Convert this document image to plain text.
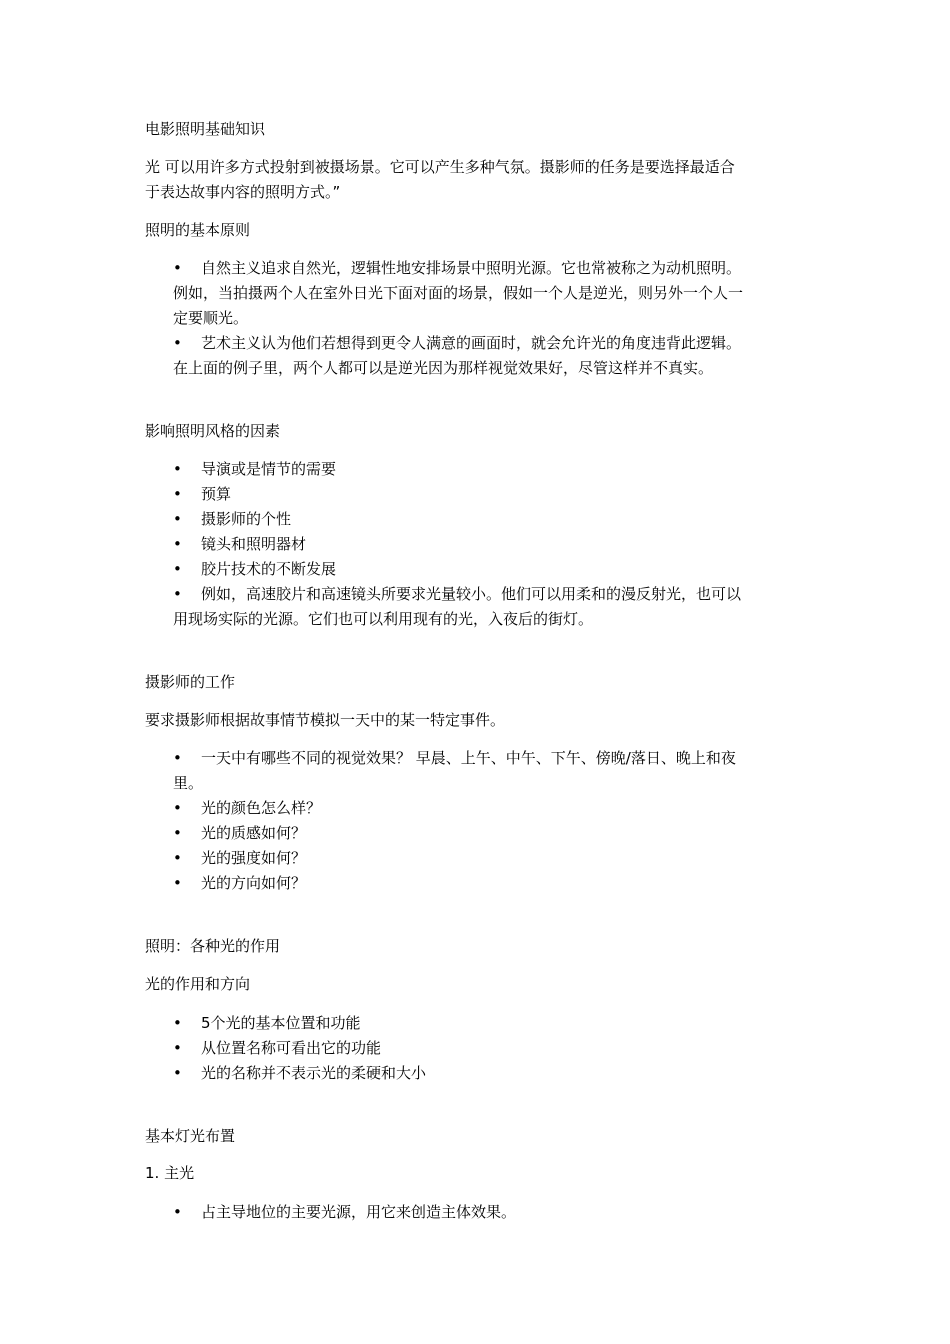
电影照明基础知识

光 可以用许多方式投射到被摄场景。它可以产生多种气氛。摄影师的任务是要选择最适合

于表达故事内容的照明方式。”

照明的基本原则

•	自然主义追求自然光，逻辑性地安排场景中照明光源。它也常被称之为动机照明。
例如，当拍摄两个人在室外日光下面对面的场景，假如一个人是逆光，则另外一个人一
定要顺光。
•	艺术主义认为他们若想得到更令人满意的画面时，就会允许光的角度违背此逻辑。
在上面的例子里，两个人都可以是逆光因为那样视觉效果好，尽管这样并不真实。

影响照明风格的因素

•	导演或是情节的需要
•	预算
•	摄影师的个性
•	镜头和照明器材
•	胶片技术的不断发展
•	例如，高速胶片和高速镜头所要求光量较小。他们可以用柔和的漫反射光，也可以
用现场实际的光源。它们也可以利用现有的光，入夜后的街灯。

摄影师的工作

要求摄影师根据故事情节模拟一天中的某一特定事件。

•	一天中有哪些不同的视觉效果？ 早晨、上午、中午、下午、傍晚/落日、晚上和夜
里。
•	光的颜色怎么样？
•	光的质感如何？
•	光的强度如何？
•	光的方向如何？

照明：各种光的作用

光的作用和方向

•	5个光的基本位置和功能
•	从位置名称可看出它的功能
•	光的名称并不表示光的柔硬和大小

基本灯光布置

1. 主光

•	占主导地位的主要光源，用它来创造主体效果。
